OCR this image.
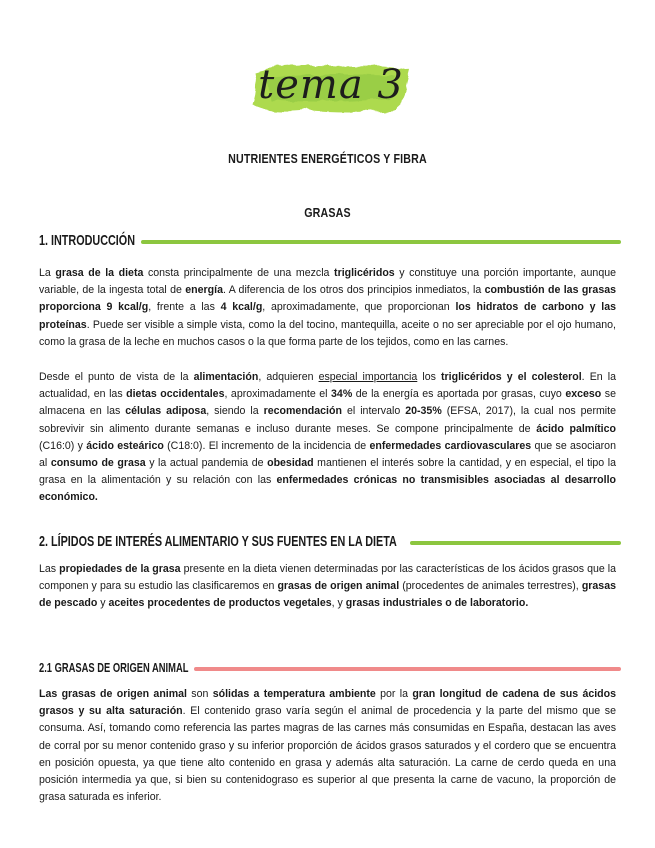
tema 3
NUTRIENTES ENERGÉTICOS Y FIBRA
GRASAS
1. INTRODUCCIÓN

La grasa de la dieta consta principalmente de una mezcla triglicéridos y constituye una porción importante, aunque variable, de la ingesta total de energía. A diferencia de los otros dos principios inmediatos, la combustión de las grasas proporciona 9 kcal/g, frente a las 4 kcal/g, aproximadamente, que proporcionan los hidratos de carbono y las proteínas. Puede ser visible a simple vista, como la del tocino, mantequilla, aceite o no ser apreciable por el ojo humano, como la grasa de la leche en muchos casos o la que forma parte de los tejidos, como en las carnes.

Desde el punto de vista de la alimentación, adquieren especial importancia los triglicéridos y el colesterol. En la actualidad, en las dietas occidentales, aproximadamente el 34% de la energía es aportada por grasas, cuyo exceso se almacena en las células adiposa, siendo la recomendación el intervalo 20-35% (EFSA, 2017), la cual nos permite sobrevivir sin alimento durante semanas e incluso durante meses. Se compone principalmente de ácido palmítico (C16:0) y ácido esteárico (C18:0). El incremento de la incidencia de enfermedades cardiovasculares que se asociaron al consumo de grasa y la actual pandemia de obesidad mantienen el interés sobre la cantidad, y en especial, el tipo la grasa en la alimentación y su relación con las enfermedades crónicas no transmisibles asociadas al desarrollo económico.

2. LÍPIDOS DE INTERÉS ALIMENTARIO Y SUS FUENTES EN LA DIETA

Las propiedades de la grasa presente en la dieta vienen determinadas por las características de los ácidos grasos que la componen y para su estudio las clasificaremos en grasas de origen animal (procedentes de animales terrestres), grasas de pescado y aceites procedentes de productos vegetales, y grasas industriales o de laboratorio.

2.1 GRASAS DE ORIGEN ANIMAL

Las grasas de origen animal son sólidas a temperatura ambiente por la gran longitud de cadena de sus ácidos grasos y su alta saturación. El contenido graso varía según el animal de procedencia y la parte del mismo que se consuma. Así, tomando como referencia las partes magras de las carnes más consumidas en España, destacan las aves de corral por su menor contenido graso y su inferior proporción de ácidos grasos saturados y el cordero que se encuentra en posición opuesta, ya que tiene alto contenido en grasa y además alta saturación. La carne de cerdo queda en una posición intermedia ya que, si bien su contenidograso es superior al que presenta la carne de vacuno, la proporción de grasa saturada es inferior.
